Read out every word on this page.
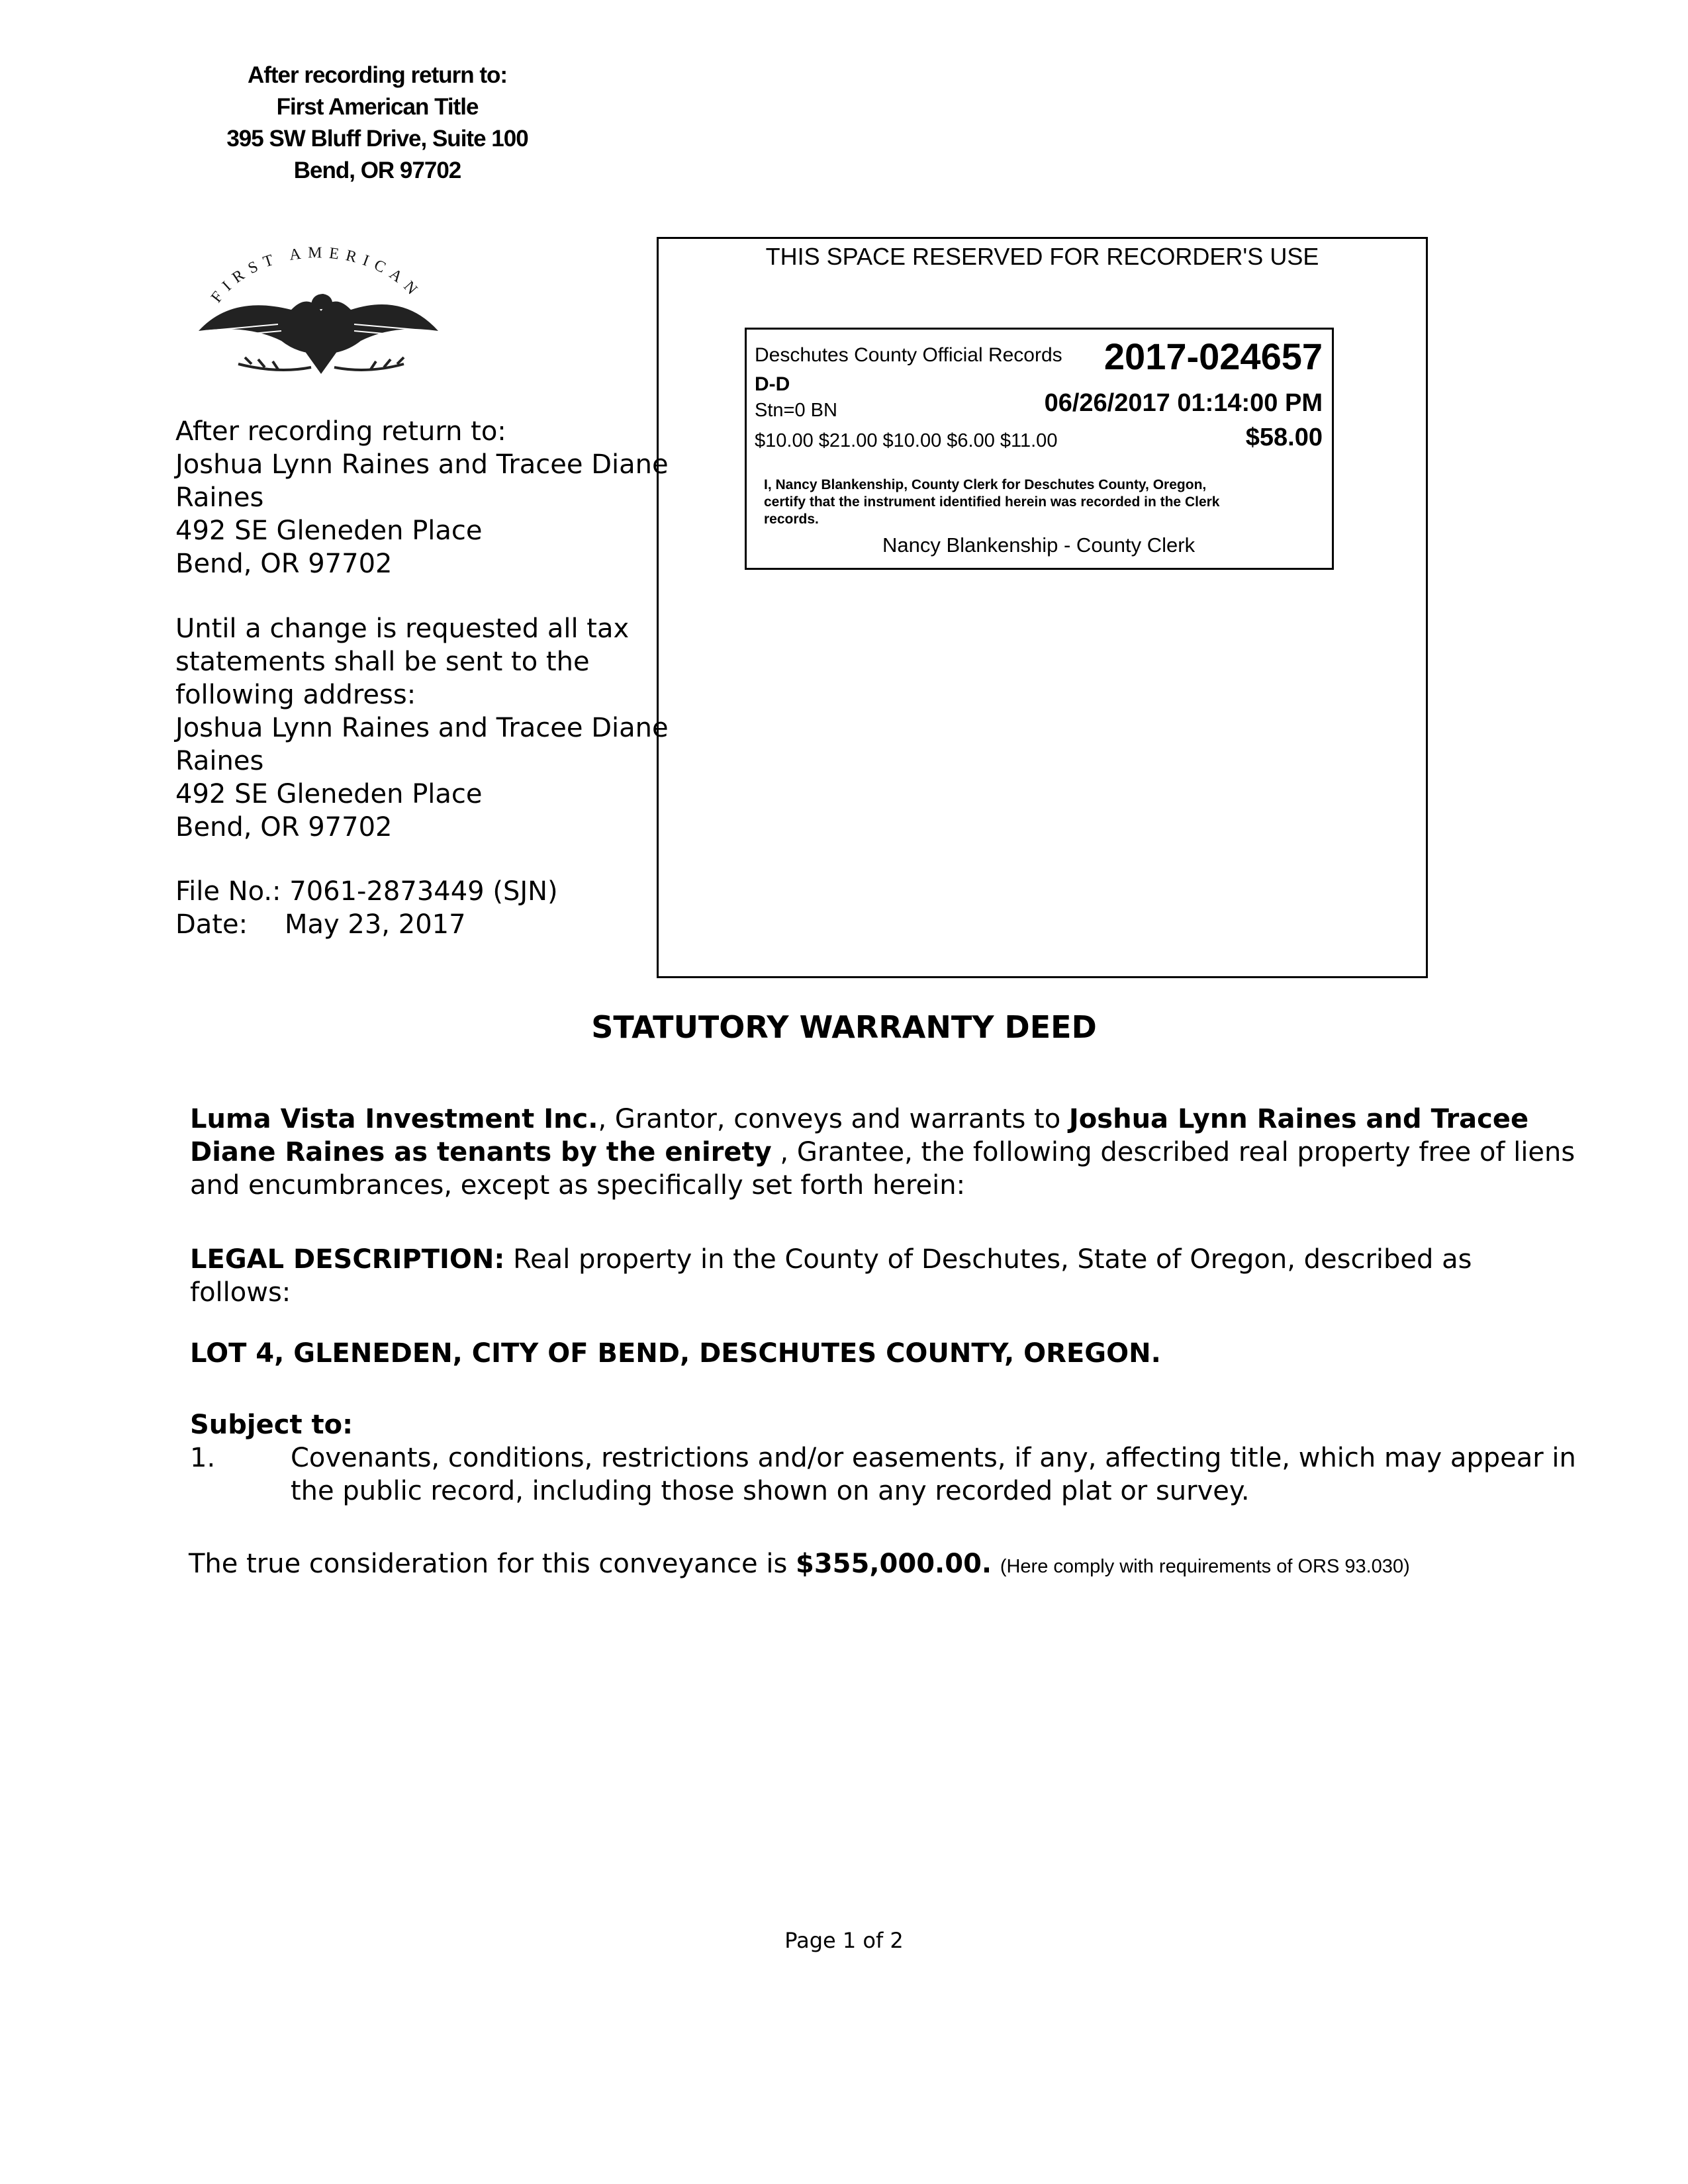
After recording return to:
First American Title
395 SW Bluff Drive, Suite 100
Bend, OR 97702
FIRST AMERICAN
After recording return to:
Joshua Lynn Raines and Tracee Diane
Raines
492 SE Gleneden Place
Bend, OR 97702
Until a change is requested all tax
statements shall be sent to the
following address:
Joshua Lynn Raines and Tracee Diane
Raines
492 SE Gleneden Place
Bend, OR 97702
File No.: 7061-2873449 (SJN)
Date: May 23, 2017
THIS SPACE RESERVED FOR RECORDER'S USE
Deschutes County Official Records 2017-024657
D-D
Stn=0 BN	06/26/2017 01:14:00 PM
$10.00 $21.00 $10.00 $6.00 $11.00	$58.00
I, Nancy Blankenship, County Clerk for Deschutes County, Oregon,
certify that the instrument identified herein was recorded in the Clerk
records.
Nancy Blankenship - County Clerk
STATUTORY WARRANTY DEED
Luma Vista Investment Inc., Grantor, conveys and warrants to Joshua Lynn Raines and Tracee
Diane Raines as tenants by the enirety , Grantee, the following described real property free of liens
and encumbrances, except as specifically set forth herein:
LEGAL DESCRIPTION: Real property in the County of Deschutes, State of Oregon, described as
follows:
LOT 4, GLENEDEN, CITY OF BEND, DESCHUTES COUNTY, OREGON.
Subject to:
1.	Covenants, conditions, restrictions and/or easements, if any, affecting title, which may appear in
the public record, including those shown on any recorded plat or survey.
The true consideration for this conveyance is $355,000.00. (Here comply with requirements of ORS 93.030)
Page 1 of 2
